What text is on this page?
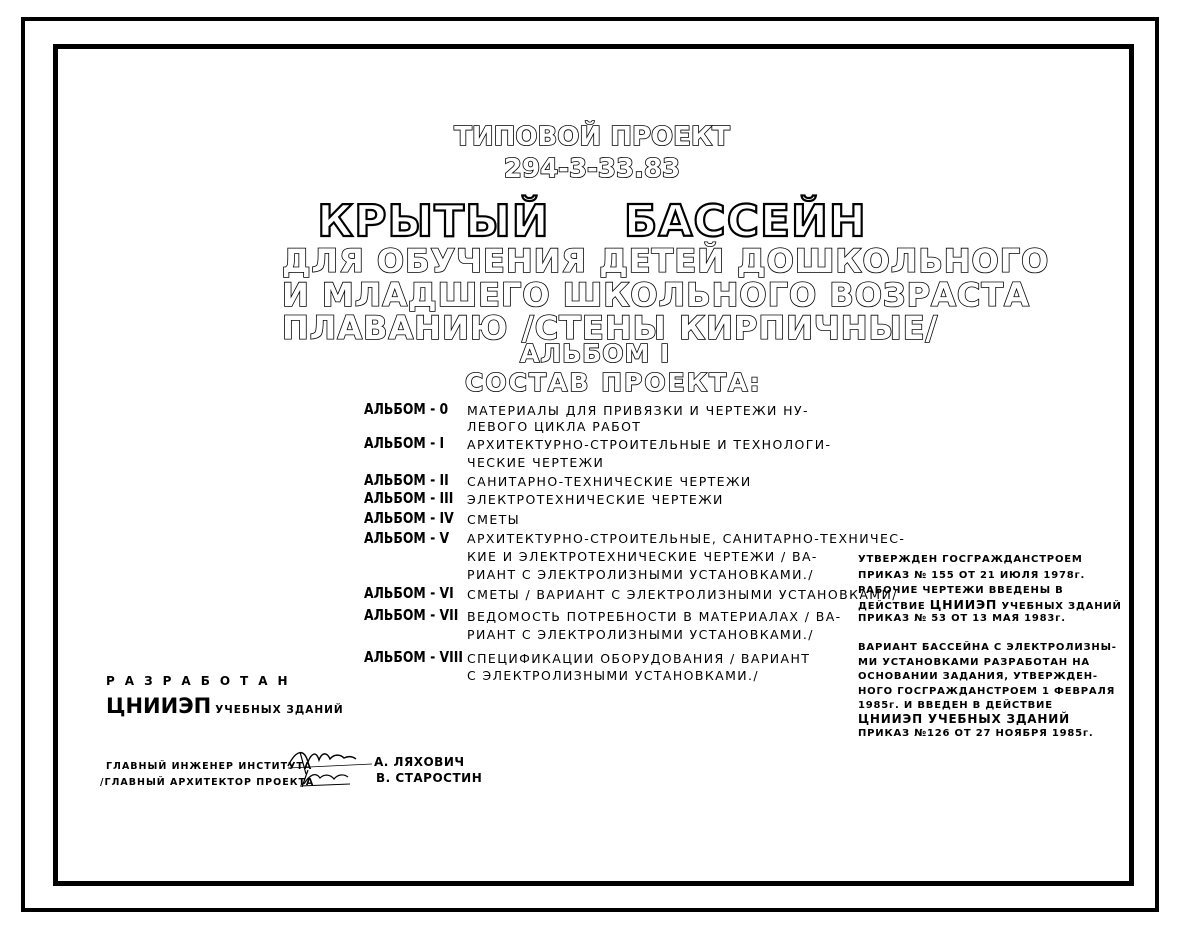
ТИПОВОЙ ПРОЕКТ
294-3-33.83
КРЫТЫЙ БАССЕЙН
ДЛЯ ОБУЧЕНИЯ ДЕТЕЙ ДОШКОЛЬНОГО
И МЛАДШЕГО ШКОЛЬНОГО ВОЗРАСТА
ПЛАВАНИЮ /СТЕНЫ КИРПИЧНЫЕ/
АЛЬБОМ I
СОСТАВ ПРОЕКТА:
АЛЬБОМ - 0 МАТЕРИАЛЫ ДЛЯ ПРИВЯЗКИ И ЧЕРТЕЖИ НУ-
ЛЕВОГО ЦИКЛА РАБОТ
АЛЬБОМ - I АРХИТЕКТУРНО-СТРОИТЕЛЬНЫЕ И ТЕХНОЛОГИ-
ЧЕСКИЕ ЧЕРТЕЖИ
АЛЬБОМ - II САНИТАРНО-ТЕХНИЧЕСКИЕ ЧЕРТЕЖИ
АЛЬБОМ - III ЭЛЕКТРОТЕХНИЧЕСКИЕ ЧЕРТЕЖИ
АЛЬБОМ - IV СМЕТЫ
АЛЬБОМ - V АРХИТЕКТУРНО-СТРОИТЕЛЬНЫЕ, САНИТАРНО-ТЕХНИЧЕС-
КИЕ И ЭЛЕКТРОТЕХНИЧЕСКИЕ ЧЕРТЕЖИ / ВА-
РИАНТ С ЭЛЕКТРОЛИЗНЫМИ УСТАНОВКАМИ./
АЛЬБОМ - VI СМЕТЫ / ВАРИАНТ С ЭЛЕКТРОЛИЗНЫМИ УСТАНОВКАМИ/
АЛЬБОМ - VII ВЕДОМОСТЬ ПОТРЕБНОСТИ В МАТЕРИАЛАХ / ВА-
РИАНТ С ЭЛЕКТРОЛИЗНЫМИ УСТАНОВКАМИ./
АЛЬБОМ - VIII СПЕЦИФИКАЦИИ ОБОРУДОВАНИЯ / ВАРИАНТ
С ЭЛЕКТРОЛИЗНЫМИ УСТАНОВКАМИ./
УТВЕРЖДЕН ГОСГРАЖДАНСТРОЕМ
ПРИКАЗ № 155 ОТ 21 ИЮЛЯ 1978г.
РАБОЧИЕ ЧЕРТЕЖИ ВВЕДЕНЫ В
ДЕЙСТВИЕ ЦНИИЭП УЧЕБНЫХ ЗДАНИЙ
ПРИКАЗ № 53 ОТ 13 МАЯ 1983г.
ВАРИАНТ БАССЕЙНА С ЭЛЕКТРОЛИЗНЫ-
МИ УСТАНОВКАМИ РАЗРАБОТАН НА
ОСНОВАНИИ ЗАДАНИЯ, УТВЕРЖДЕН-
НОГО ГОСГРАЖДАНСТРОЕМ 1 ФЕВРАЛЯ
1985г. И ВВЕДЕН В ДЕЙСТВИЕ
ЦНИИЭП УЧЕБНЫХ ЗДАНИЙ
ПРИКАЗ №126 ОТ 27 НОЯБРЯ 1985г.
РАЗРАБОТАН
ЦНИИЭП УЧЕБНЫХ ЗДАНИЙ
ГЛАВНЫЙ ИНЖЕНЕР ИНСТИТУТА
/ГЛАВНЫЙ АРХИТЕКТОР ПРОЕКТА
А. ЛЯХОВИЧ
В. СТАРОСТИН
